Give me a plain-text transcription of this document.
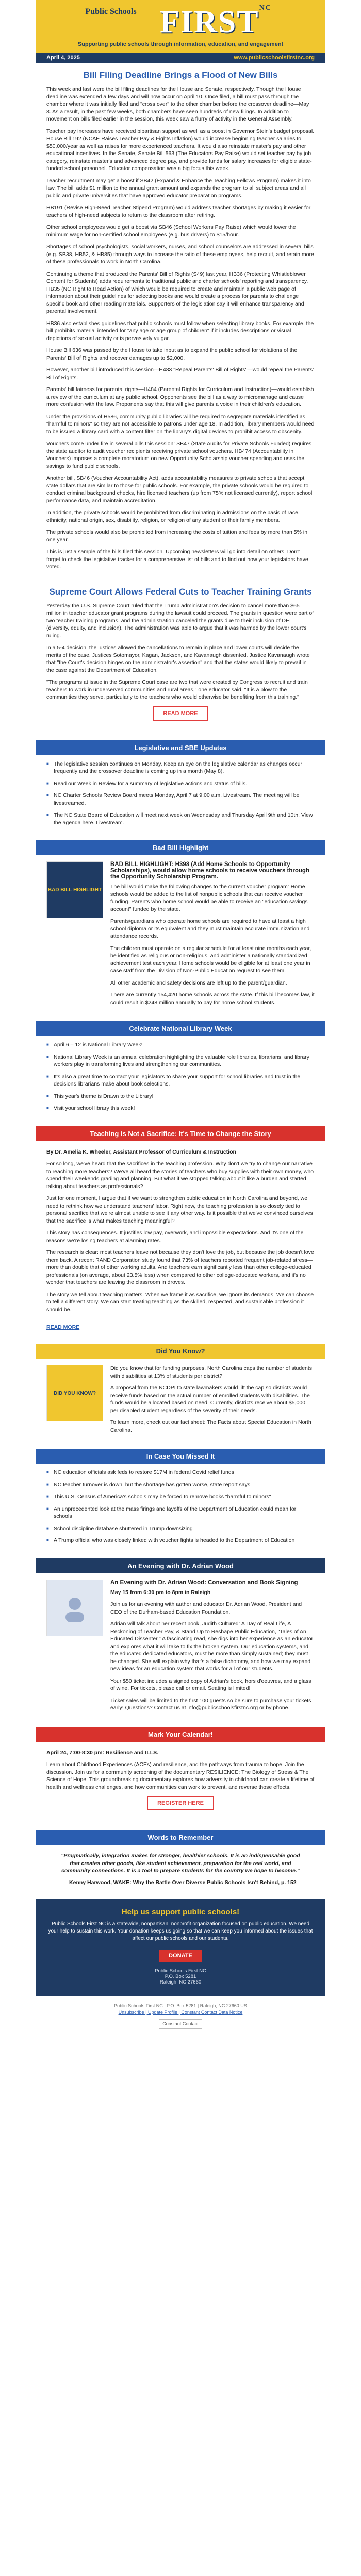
Public Schools $FIRST^{NC}$
Supporting public schools through information, education, and engagement
April 4, 2025	www.publicschoolsfirstnc.org
Bill Filing Deadline Brings a Flood of New Bills

This week and last were the bill filing deadlines for the House and Senate, respectively. Though the House deadline was extended a few days and will now occur on April 10. Once filed, a bill must pass through the chamber where it was initially filed and "cross over" to the other chamber before the crossover deadline—May 8. As a result, in the past few weeks, both chambers have seen hundreds of new filings. In addition to movement on bills filed earlier in the session, this week saw a flurry of activity in the General Assembly.

Teacher pay increases have received bipartisan support as well as a boost in Governor Stein's budget proposal. House Bill 192 (NCAE Raises Teacher Pay & Fights Inflation) would increase beginning teacher salaries to $50,000/year as well as raises for more experienced teachers. It would also reinstate master's pay and other educational incentives. In the Senate, Senate Bill 563 (The Educators Pay Raise) would set teacher pay by job category, reinstate master's and advanced degree pay, and provide funds for salary increases for eligible state-funded school personnel. Educator compensation was a big focus this week.

Teacher recruitment may get a boost if SB42 (Expand & Enhance the Teaching Fellows Program) makes it into law. The bill adds $1 million to the annual grant amount and expands the program to all subject areas and all public and private universities that have approved educator preparation programs.

HB191 (Revise High-Need Teacher Stipend Program) would address teacher shortages by making it easier for teachers of high-need subjects to return to the classroom after retiring.

Other school employees would get a boost via SB46 (School Workers Pay Raise) which would lower the minimum wage for non-certified school employees (e.g. bus drivers) to $15/hour.

Shortages of school psychologists, social workers, nurses, and school counselors are addressed in several bills (e.g. SB38, HB52, & HB85) through ways to increase the ratio of these employees, help recruit, and retain more of these professionals to work in North Carolina.

Continuing a theme that produced the Parents' Bill of Rights (S49) last year, HB36 (Protecting Whistleblower Content for Students) adds requirements to traditional public and charter schools' reporting and transparency. HB35 (NC Right to Read Action) of which would be required to create and maintain a public web page of information about their guidelines for selecting books and would create a process for parents to challenge specific book and other reading materials. Supporters of the legislation say it will enhance transparency and parental involvement.

HB36 also establishes guidelines that public schools must follow when selecting library books. For example, the bill prohibits material intended for "any age or age group of children" if it includes descriptions or visual depictions of sexual activity or is pervasively vulgar.

House Bill 636 was passed by the House to take input as to expand the public school for violations of the Parents' Bill of Rights and recover damages up to $2,000.

However, another bill introduced this session—H483 "Repeal Parents' Bill of Rights"—would repeal the Parents' Bill of Rights.

Parents' bill fairness for parental rights—H484 (Parental Rights for Curriculum and Instruction)—would establish a review of the curriculum at any public school. Opponents see the bill as a way to micromanage and cause more confusion with the law. Proponents say that this will give parents a voice in their children's education.

Under the provisions of H586, community public libraries will be required to segregate materials identified as "harmful to minors" so they are not accessible to patrons under age 18. In addition, library members would need to be issued a library card with a content filter on the library's digital devices to prohibit access to obscenity.

Vouchers come under fire in several bills this session: SB47 (State Audits for Private Schools Funded) requires the state auditor to audit voucher recipients receiving private school vouchers. HB474 (Accountability in Vouchers) imposes a complete moratorium on new Opportunity Scholarship voucher spending and uses the savings to fund public schools.

Another bill, SB46 (Voucher Accountability Act), adds accountability measures to private schools that accept state dollars that are similar to those for public schools. For example, the private schools would be required to conduct criminal background checks, hire licensed teachers (up from 75% not licensed currently), report school performance data, and maintain accreditation.

In addition, the private schools would be prohibited from discriminating in admissions on the basis of race, ethnicity, national origin, sex, disability, religion, or religion of any student or their family members.

The private schools would also be prohibited from increasing the costs of tuition and fees by more than 5% in one year.

This is just a sample of the bills filed this session. Upcoming newsletters will go into detail on others. Don't forget to check the legislative tracker for a comprehensive list of bills and to find out how your legislators have voted.

Supreme Court Allows Federal Cuts to Teacher Training Grants

Yesterday the U.S. Supreme Court ruled that the Trump administration's decision to cancel more than $65 million in teacher educator grant programs during the lawsuit could proceed. The grants in question were part of two teacher training programs, and the administration canceled the grants due to their inclusion of DEI (diversity, equity, and inclusion). The administration was able to argue that it was harmed by the lower court's ruling.

In a 5-4 decision, the justices allowed the cancellations to remain in place and lower courts will decide the merits of the case. Justices Sotomayor, Kagan, Jackson, and Kavanaugh dissented. Justice Kavanaugh wrote that "the Court's decision hinges on the administrator's assertion" and that the states would likely to prevail in the case against the Department of Education.

"The programs at issue in the Supreme Court case are two that were created by Congress to recruit and train teachers to work in underserved communities and rural areas," one educator said. "It is a blow to the communities they serve, particularly to the teachers who would otherwise be benefiting from this training."

READ MORE
Legislative and SBE Updates
■ The legislative session continues on Monday. Keep an eye on the legislative calendar as changes occur frequently and the crossover deadline is coming up in a month (May 8).
■ Read our Week in Review for a summary of legislative actions and status of bills.
■ NC Charter Schools Review Board meets Monday, April 7 at 9:00 a.m. Livestream. The meeting will be livestreamed.
■ The NC State Board of Education will meet next week on Wednesday and Thursday April 9th and 10th. View the agenda here. Livestream.
Bad Bill Highlight
BAD BILL HIGHLIGHT
BAD BILL HIGHLIGHT: H398 (Add Home Schools to Opportunity Scholarships), would allow home schools to receive vouchers through the Opportunity Scholarship Program.

The bill would make the following changes to the current voucher program: Home schools would be added to the list of nonpublic schools that can receive voucher funding. Parents who home school would be able to receive an "education savings account" funded by the state.

Parents/guardians who operate home schools are required to have at least a high school diploma or its equivalent and they must maintain accurate immunization and attendance records.

The children must operate on a regular schedule for at least nine months each year, be identified as religious or non-religious, and administer a nationally standardized achievement test each year. Home schools would be eligible for at least one year in case staff from the Division of Non-Public Education request to see them.

All other academic and safety decisions are left up to the parent/guardian.

There are currently 154,420 home schools across the state. If this bill becomes law, it could result in $248 million annually to pay for home school students.

Celebrate National Library Week
■ April 6 – 12 is National Library Week!
■ National Library Week is an annual celebration highlighting the valuable role libraries, librarians, and library workers play in transforming lives and strengthening our communities.
■ It's also a great time to contact your legislators to share your support for school libraries and trust in the decisions librarians make about book selections.
■ This year's theme is Drawn to the Library!
■ Visit your school library this week!
Teaching is Not a Sacrifice: It's Time to Change the Story

By Dr. Amelia K. Wheeler, Assistant Professor of Curriculum & Instruction

For so long, we've heard that the sacrifices in the teaching profession. Why don't we try to change our narrative to reaching more teachers? We've all heard the stories of teachers who buy supplies with their own money, who spend their weekends grading and planning. But what if we stopped talking about it like a burden and started talking about teachers as professionals?

Just for one moment, I argue that if we want to strengthen public education in North Carolina and beyond, we need to rethink how we understand teachers' labor. Right now, the teaching profession is so closely tied to personal sacrifice that we're almost unable to see it any other way. Is it possible that we've convinced ourselves that the sacrifice is what makes teaching meaningful?

This story has consequences. It justifies low pay, overwork, and impossible expectations. And it's one of the reasons we're losing teachers at alarming rates.

The research is clear: most teachers leave not because they don't love the job, but because the job doesn't love them back. A recent RAND Corporation study found that 73% of teachers reported frequent job-related stress—more than double that of other working adults. And teachers earn significantly less than other college-educated professionals (on average, about 23.5% less) when compared to other college-educated workers, and it's no wonder that teachers are leaving the classroom in droves.

The story we tell about teaching matters. When we frame it as sacrifice, we ignore its demands. We can choose to tell a different story. We can start treating teaching as the skilled, respected, and sustainable profession it should be.

READ MORE
Did You Know?
DID YOU KNOW?

Did you know that for funding purposes, North Carolina caps the number of students with disabilities at 13% of students per district?

A proposal from the NCDPI to state lawmakers would lift the cap so districts would receive funds based on the actual number of enrolled students with disabilities. The funds would be allocated based on need. Currently, districts receive about $5,000 per disabled student regardless of the severity of their needs.

To learn more, check out our fact sheet: The Facts about Special Education in North Carolina.

In Case You Missed It
■ NC education officials ask feds to restore $17M in federal Covid relief funds
■ NC teacher turnover is down, but the shortage has gotten worse, state report says
■ This U.S. Census of America's schools may be forced to remove books "harmful to minors"
■ An unprecedented look at the mass firings and layoffs of the Department of Education could mean for schools
■ School discipline database shuttered in Trump downsizing
■ A Trump official who was closely linked with voucher fights is headed to the Department of Education
An Evening with Dr. Adrian Wood
An Evening with Dr. Adrian Wood: Conversation and Book Signing

May 15 from 6:30 pm to 8pm in Raleigh

Join us for an evening with author and educator Dr. Adrian Wood, President and CEO of the Durham-based Education Foundation.

Adrian will talk about her recent book, Judith Cultured: A Day of Real Life, A Reckoning of Teacher Pay, & Stand Up to Reshape Public Education, "Tales of An Educated Dissenter." A fascinating read, she digs into her experience as an educator and explores what it will take to fix the broken system. Our education systems, and the educated dedicated educators, must be more than simply sustained; they must be changed. She will explain why that's a false dichotomy, and how we may expand new ideas for an education system that works for all of our students.

Your $50 ticket includes a signed copy of Adrian's book, hors d'oeuvres, and a glass of wine. For tickets, please call or email. Seating is limited!

Ticket sales will be limited to the first 100 guests so be sure to purchase your tickets early! Questions? Contact us at info@publicschoolsfirstnc.org or by phone.

Mark Your Calendar!

April 24, 7:00-8:30 pm: Resilience and ILLS.

Learn about Childhood Experiences (ACEs) and resilience, and the pathways from trauma to hope. Join the discussion. Join us for a community screening of the documentary RESILIENCE: The Biology of Stress & The Science of Hope. This groundbreaking documentary explores how adversity in childhood can create a lifetime of health and wellness challenges, and how communities can work to prevent, and reverse those effects.

REGISTER HERE
Words to Remember

"Pragmatically, integration makes for stronger, healthier schools. It is an indispensable good that creates other goods, like student achievement, preparation for the real world, and community connections. It is a tool to prepare students for the country we hope to become."

– Kenny Harwood, WAKE: Why the Battle Over Diverse Public Schools Isn't Behind, p. 152

Help us support public schools!

Public Schools First NC is a statewide, nonpartisan, nonprofit organization focused on public education. We need your help to sustain this work. Your donation keeps us going so that we can keep you informed about the issues that affect our public schools and our students.

DONATE
Public Schools First NC
P.O. Box 5281
Raleigh, NC 27660
Public Schools First NC | P.O. Box 5281 | Raleigh, NC 27660 US
Unsubscribe | Update Profile | Constant Contact Data Notice
Constant Contact
